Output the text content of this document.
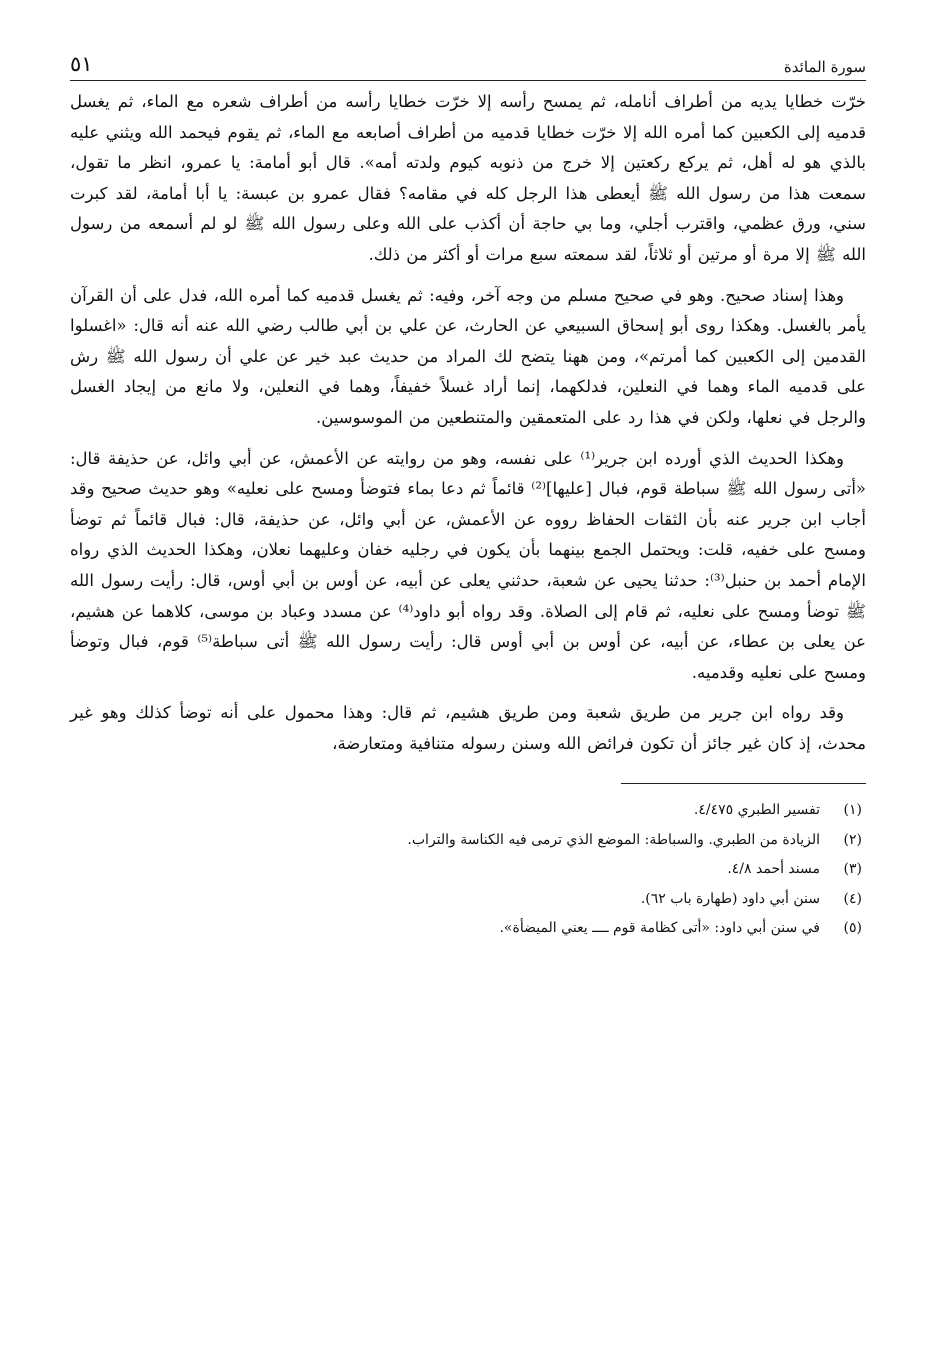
سورة المائدة
٥١

خرّت خطايا يديه من أطراف أنامله، ثم يمسح رأسه إلا خرّت خطايا رأسه من أطراف شعره مع الماء، ثم يغسل قدميه إلى الكعبين كما أمره الله إلا خرّت خطايا قدميه من أطراف أصابعه مع الماء، ثم يقوم فيحمد الله ويثني عليه بالذي هو له أهل، ثم يركع ركعتين إلا خرج من ذنوبه كيوم ولدته أمه». قال أبو أمامة: يا عمرو، انظر ما تقول، سمعت هذا من رسول الله ﷺ أيعطى هذا الرجل كله في مقامه؟ فقال عمرو بن عبسة: يا أبا أمامة، لقد كبرت سني، ورق عظمي، واقترب أجلي، وما بي حاجة أن أكذب على الله وعلى رسول الله ﷺ لو لم أسمعه من رسول الله ﷺ إلا مرة أو مرتين أو ثلاثاً، لقد سمعته سبع مرات أو أكثر من ذلك.

وهذا إسناد صحيح. وهو في صحيح مسلم من وجه آخر، وفيه: ثم يغسل قدميه كما أمره الله، فدل على أن القرآن يأمر بالغسل. وهكذا روى أبو إسحاق السبيعي عن الحارث، عن علي بن أبي طالب رضي الله عنه أنه قال: «اغسلوا القدمين إلى الكعبين كما أمرتم»، ومن ههنا يتضح لك المراد من حديث عبد خير عن علي أن رسول الله ﷺ رش على قدميه الماء وهما في النعلين، فدلكهما، إنما أراد غسلاً خفيفاً، وهما في النعلين، ولا مانع من إيجاد الغسل والرجل في نعلها، ولكن في هذا رد على المتعمقين والمتنطعين من الموسوسين.

وهكذا الحديث الذي أورده ابن جرير⁽¹⁾ على نفسه، وهو من روايته عن الأعمش، عن أبي وائل، عن حذيفة قال: «أتى رسول الله ﷺ سباطة قوم، فبال [عليها]⁽²⁾ قائماً ثم دعا بماء فتوضأ ومسح على نعليه» وهو حديث صحيح وقد أجاب ابن جرير عنه بأن الثقات الحفاظ رووه عن الأعمش، عن أبي وائل، عن حذيفة، قال: فبال قائماً ثم توضأ ومسح على خفيه، قلت: ويحتمل الجمع بينهما بأن يكون في رجليه خفان وعليهما نعلان، وهكذا الحديث الذي رواه الإمام أحمد بن حنبل⁽³⁾: حدثنا يحيى عن شعبة، حدثني يعلى عن أبيه، عن أوس بن أبي أوس، قال: رأيت رسول الله ﷺ توضأ ومسح على نعليه، ثم قام إلى الصلاة. وقد رواه أبو داود⁽⁴⁾ عن مسدد وعباد بن موسى، كلاهما عن هشيم، عن يعلى بن عطاء، عن أبيه، عن أوس بن أبي أوس قال: رأيت رسول الله ﷺ أتى سباطة⁽⁵⁾ قوم، فبال وتوضأ ومسح على نعليه وقدميه.

وقد رواه ابن جرير من طريق شعبة ومن طريق هشيم، ثم قال: وهذا محمول على أنه توضأ كذلك وهو غير محدث، إذ كان غير جائز أن تكون فرائض الله وسنن رسوله متنافية ومتعارضة،

(١)
تفسير الطبري ٤/٤٧٥.
(٢)
الزيادة من الطبري. والسباطة: الموضع الذي ترمى فيه الكناسة والتراب.
(٣)
مسند أحمد ٤/٨.
(٤)
سنن أبي داود (طهارة باب ٦٢).
(٥)
في سنن أبي داود: «أتى كظامة قوم ــــ يعني الميضأة».
